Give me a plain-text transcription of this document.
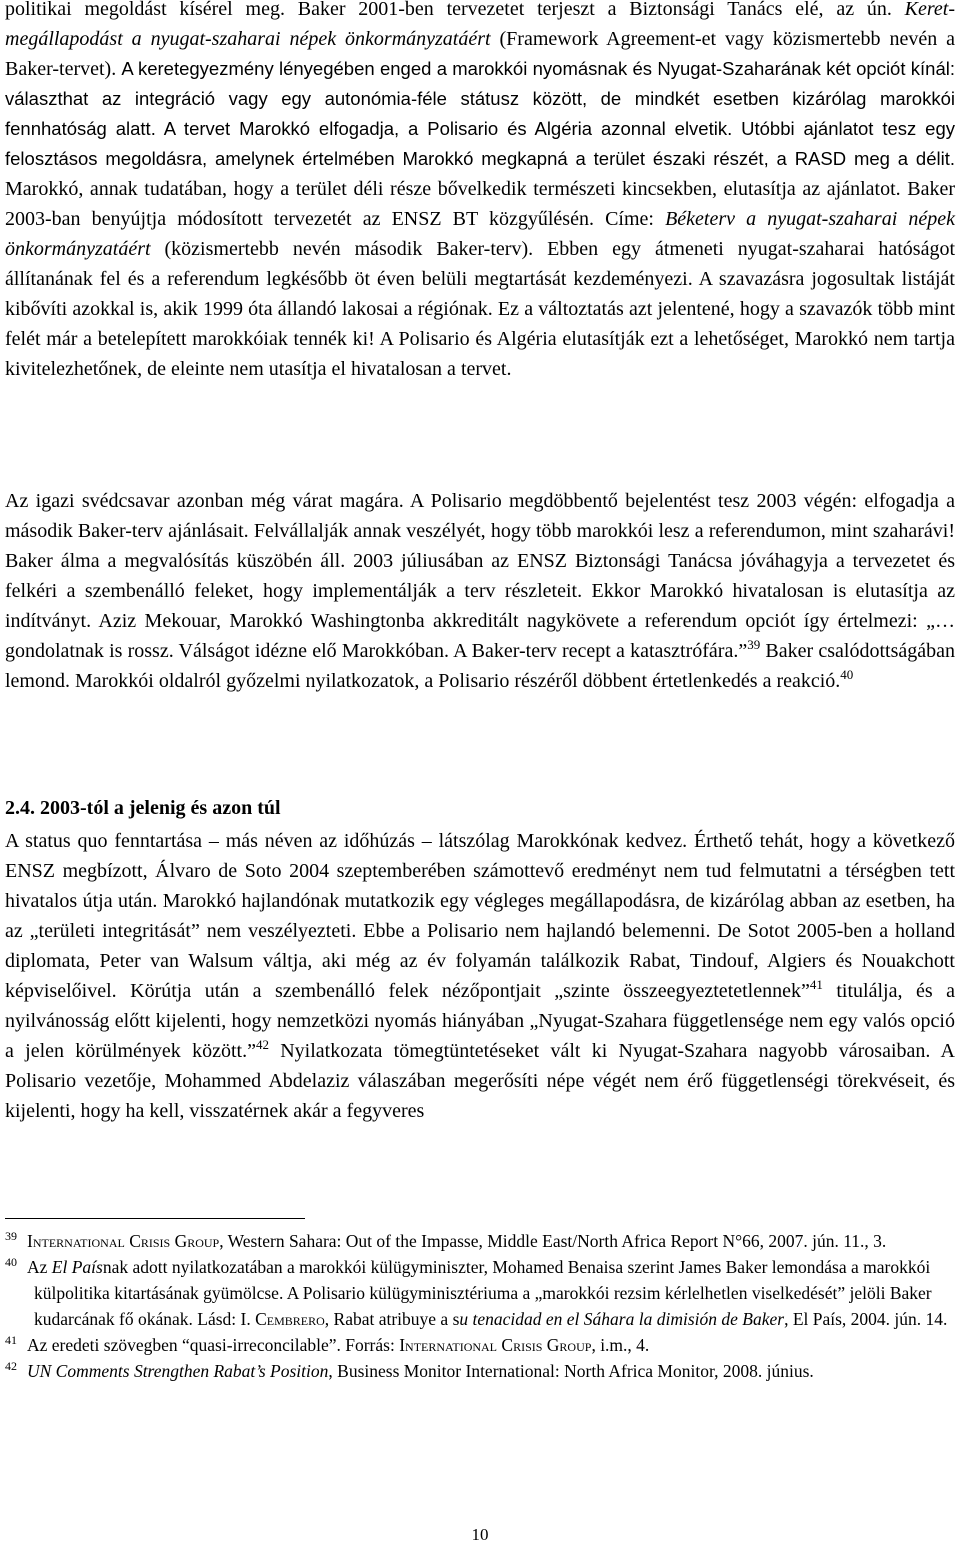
politikai megoldást kísérel meg. Baker 2001-ben tervezetet terjeszt a Biztonsági Tanács elé, az ún. Keret-megállapodást a nyugat-szaharai népek önkormányzatáért (Framework Agreement-et vagy közismertebb nevén a Baker-tervet). A keretegyezmény lényegében enged a marokkói nyomásnak és Nyugat-Szaharának két opciót kínál: választhat az integráció vagy egy autonómia-féle státusz között, de mindkét esetben kizárólag marokkói fennhatóság alatt. A tervet Marokkó elfogadja, a Polisario és Algéria azonnal elvetik. Utóbbi ajánlatot tesz egy felosztásos megoldásra, amelynek értelmében Marokkó megkapná a terület északi részét, a RASD meg a délit. Marokkó, annak tudatában, hogy a terület déli része bővelkedik természeti kincsekben, elutasítja az ajánlatot. Baker 2003-ban benyújtja módosított tervezetét az ENSZ BT közgyűlésén. Címe: Béketerv a nyugat-szaharai népek önkormányzatáért (közismertebb nevén második Baker-terv). Ebben egy átmeneti nyugat-szaharai hatóságot állítanának fel és a referendum legkésőbb öt éven belüli megtartását kezdeményezi. A szavazásra jogosultak listáját kibővíti azokkal is, akik 1999 óta állandó lakosai a régiónak. Ez a változtatás azt jelentené, hogy a szavazók több mint felét már a betelepített marokkóiak tennék ki! A Polisario és Algéria elutasítják ezt a lehetőséget, Marokkó nem tartja kivitelezhetőnek, de eleinte nem utasítja el hivatalosan a tervet.

Az igazi svédcsavar azonban még várat magára. A Polisario megdöbbentő bejelentést tesz 2003 végén: elfogadja a második Baker-terv ajánlásait. Felvállalják annak veszélyét, hogy több marokkói lesz a referendumon, mint szaharávi! Baker álma a megvalósítás küszöbén áll. 2003 júliusában az ENSZ Biztonsági Tanácsa jóváhagyja a tervezetet és felkéri a szembenálló feleket, hogy implementálják a terv részleteit. Ekkor Marokkó hivatalosan is elutasítja az indítványt. Aziz Mekouar, Marokkó Washingtonba akkreditált nagykövete a referendum opciót így értelmezi: „…gondolatnak is rossz. Válságot idézne elő Marokkóban. A Baker-terv recept a katasztrófára.”$^{39}$ Baker csalódottságában lemond. Marokkói oldalról győzelmi nyilatkozatok, a Polisario részéről döbbent értetlenkedés a reakció.$^{40}$

2.4. 2003-tól a jelenig és azon túl

A status quo fenntartása – más néven az időhúzás – látszólag Marokkónak kedvez. Érthető tehát, hogy a következő ENSZ megbízott, Álvaro de Soto 2004 szeptemberében számottevő eredményt nem tud felmutatni a térségben tett hivatalos útja után. Marokkó hajlandónak mutatkozik egy végleges megállapodásra, de kizárólag abban az esetben, ha az „területi integritását” nem veszélyezteti. Ebbe a Polisario nem hajlandó belemenni. De Sotot 2005-ben a holland diplomata, Peter van Walsum váltja, aki még az év folyamán találkozik Rabat, Tindouf, Algiers és Nouakchott képviselőivel. Körútja után a szembenálló felek nézőpontjait „szinte összeegyeztetetlennek”$^{41}$ titulálja, és a nyilvánosság előtt kijelenti, hogy nemzetközi nyomás hiányában „Nyugat-Szahara függetlensége nem egy valós opció a jelen körülmények között.”$^{42}$ Nyilatkozata tömegtüntetéseket vált ki Nyugat-Szahara nagyobb városaiban. A Polisario vezetője, Mohammed Abdelaziz válaszában megerősíti népe végét nem érő függetlenségi törekvéseit, és kijelenti, hogy ha kell, visszatérnek akár a fegyveres

39 International Crisis Group, Western Sahara: Out of the Impasse, Middle East/North Africa Report N°66, 2007. jún. 11., 3.

40 Az El Paísnak adott nyilatkozatában a marokkói külügyminiszter, Mohamed Benaisa szerint James Baker lemondása a marokkói külpolitika kitartásának gyümölcse. A Polisario külügyminisztériuma a „marokkói rezsim kérlelhetlen viselkedését” jelöli Baker kudarcának fő okának. Lásd: I. Cembrero, Rabat atribuye a su tenacidad en el Sáhara la dimisión de Baker, El País, 2004. jún. 14.

41 Az eredeti szövegben “quasi-irreconcilable”. Forrás: International Crisis Group, i.m., 4.

42 UN Comments Strengthen Rabat’s Position, Business Monitor International: North Africa Monitor, 2008. június.

10
